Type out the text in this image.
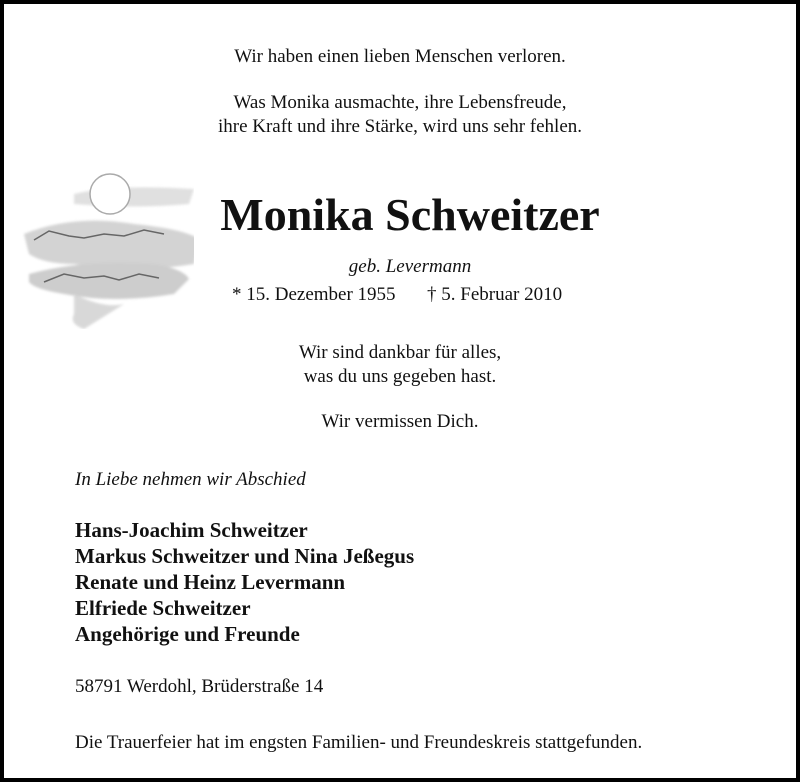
Wir haben einen lieben Menschen verloren.
Was Monika ausmachte, ihre Lebensfreude,
ihre Kraft und ihre Stärke, wird uns sehr fehlen.
Monika Schweitzer
geb. Levermann
* 15. Dezember 1955 † 5. Februar 2010
Wir sind dankbar für alles,
was du uns gegeben hast.
Wir vermissen Dich.
In Liebe nehmen wir Abschied
Hans-Joachim Schweitzer
Markus Schweitzer und Nina Jeßegus
Renate und Heinz Levermann
Elfriede Schweitzer
Angehörige und Freunde
58791 Werdohl, Brüderstraße 14
Die Trauerfeier hat im engsten Familien- und Freundeskreis stattgefunden.
